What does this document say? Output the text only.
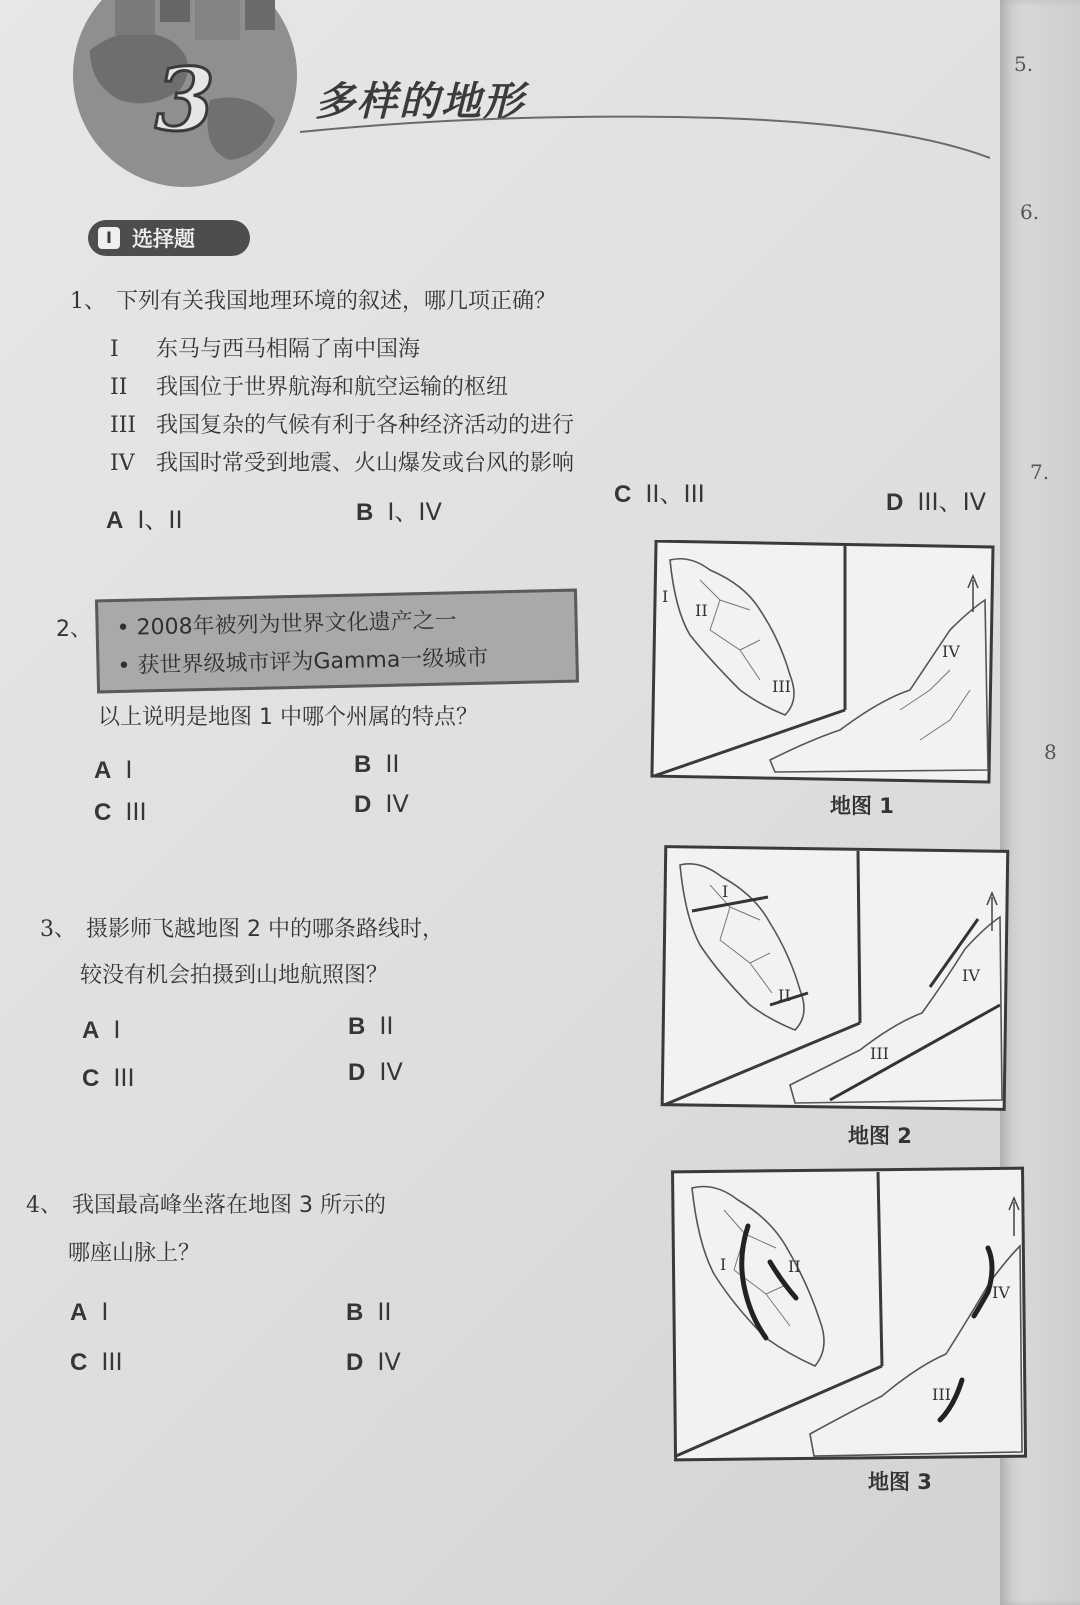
5.
6.
7.
8
3	多样的地形
I 选择题
1、 下列有关我国地理环境的叙述，哪几项正确？
I 东马与西马相隔了南中国海
II 我国位于世界航海和航空运输的枢纽
III 我国复杂的气候有利于各种经济活动的进行
IV 我国时常受到地震、火山爆发或台风的影响
A I、II	B I、IV
C II、III	D III、IV
2、 • 2008年被列为世界文化遗产之一
• 获世界级城市评为Gamma一级城市
以上说明是地图 1 中哪个州属的特点？
A I	B II
C III	D IV
I
II
III
IV
地图 1
3、 摄影师飞越地图 2 中的哪条路线时，
较没有机会拍摄到山地航照图？
A I	B II
C III	D IV
I
II
III
IV
地图 2
4、 我国最高峰坐落在地图 3 所示的
哪座山脉上？
A I	B II
C III	D IV
I	II
III
IV
地图 3
